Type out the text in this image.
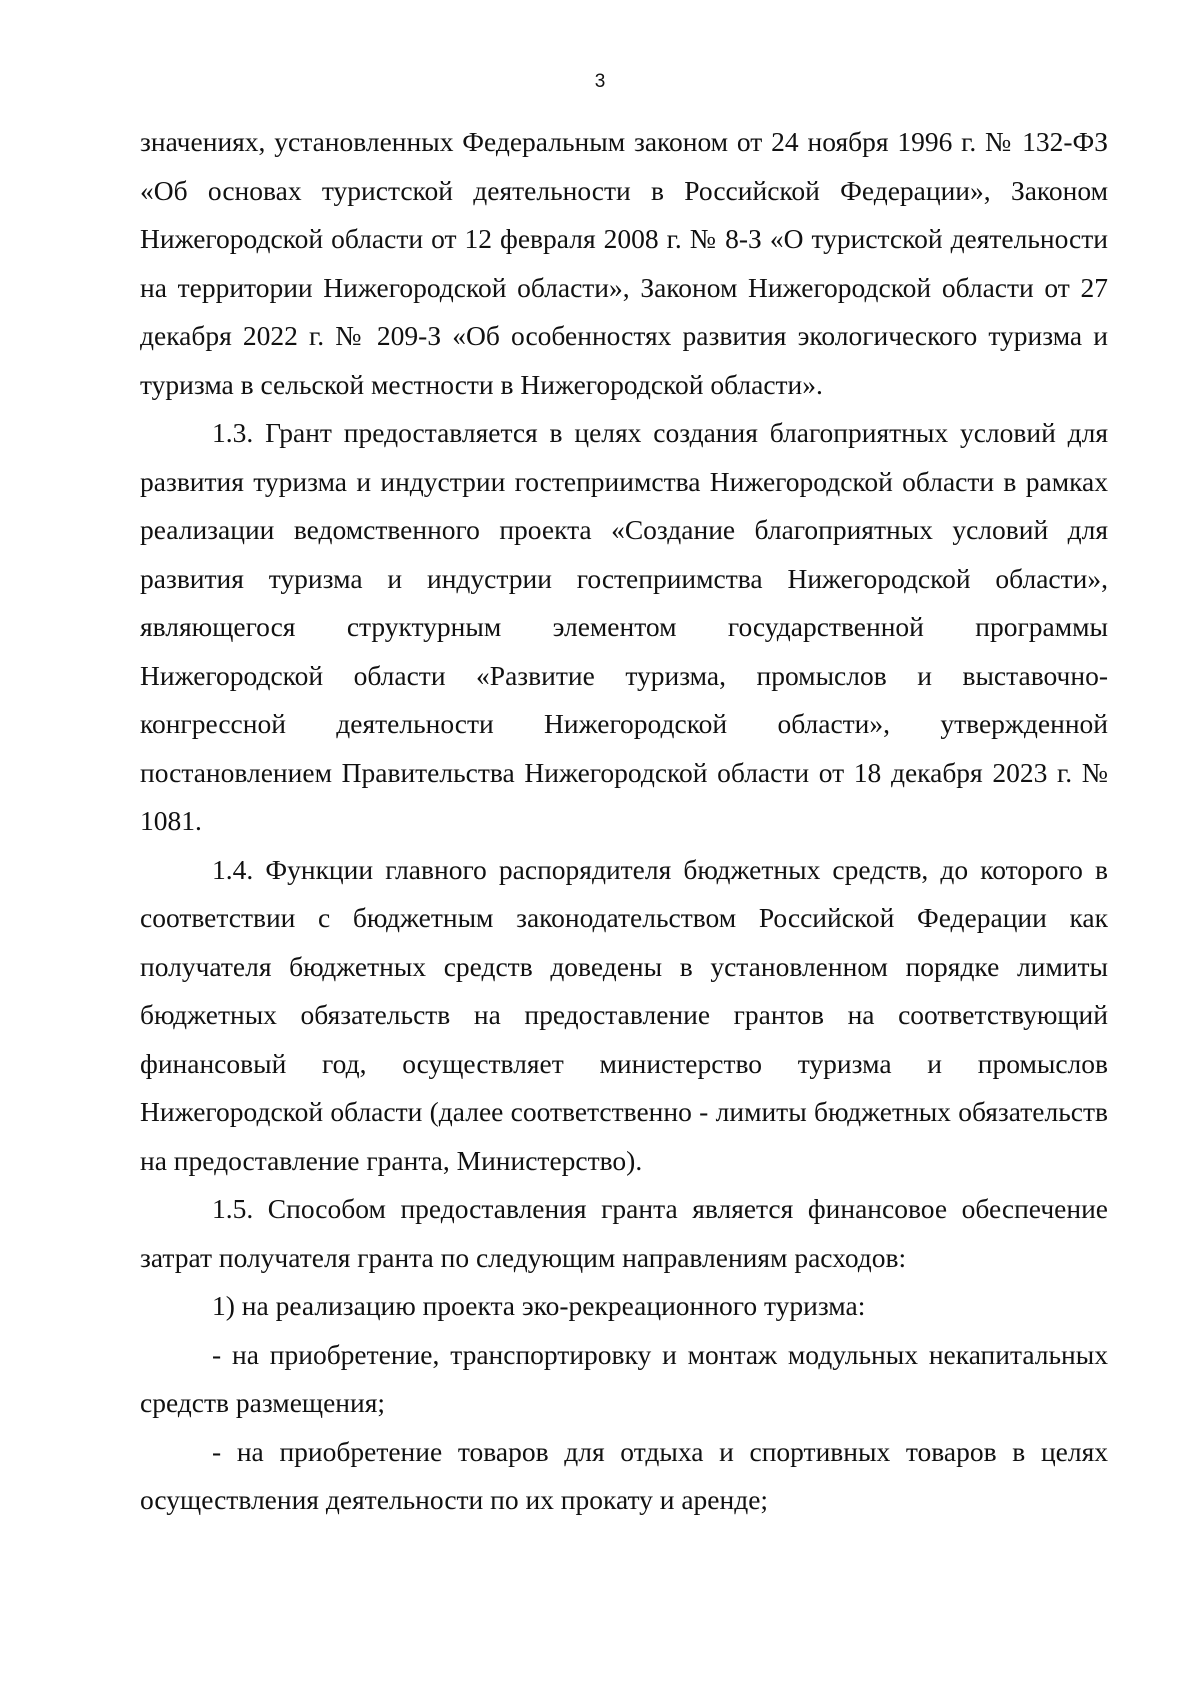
3

значениях, установленных Федеральным законом от 24 ноября 1996 г. № 132-ФЗ «Об основах туристской деятельности в Российской Федерации», Законом Нижегородской области от 12 февраля 2008 г. № 8-З «О туристской деятельности на территории Нижегородской области», Законом Нижегородской области от 27 декабря 2022 г. № 209-З «Об особенностях развития экологического туризма и туризма в сельской местности в Нижегородской области».

1.3. Грант предоставляется в целях создания благоприятных условий для развития туризма и индустрии гостеприимства Нижегородской области в рамках реализации ведомственного проекта «Создание благоприятных условий для развития туризма и индустрии гостеприимства Нижегородской области», являющегося структурным элементом государственной программы Нижегородской области «Развитие туризма, промыслов и выставочно-конгрессной деятельности Нижегородской области», утвержденной постановлением Правительства Нижегородской области от 18 декабря 2023 г. № 1081.

1.4. Функции главного распорядителя бюджетных средств, до которого в соответствии с бюджетным законодательством Российской Федерации как получателя бюджетных средств доведены в установленном порядке лимиты бюджетных обязательств на предоставление грантов на соответствующий финансовый год, осуществляет министерство туризма и промыслов Нижегородской области (далее соответственно - лимиты бюджетных обязательств на предоставление гранта, Министерство).

1.5. Способом предоставления гранта является финансовое обеспечение затрат получателя гранта по следующим направлениям расходов:

1) на реализацию проекта эко-рекреационного туризма:

- на приобретение, транспортировку и монтаж модульных некапитальных средств размещения;

- на приобретение товаров для отдыха и спортивных товаров в целях осуществления деятельности по их прокату и аренде;
